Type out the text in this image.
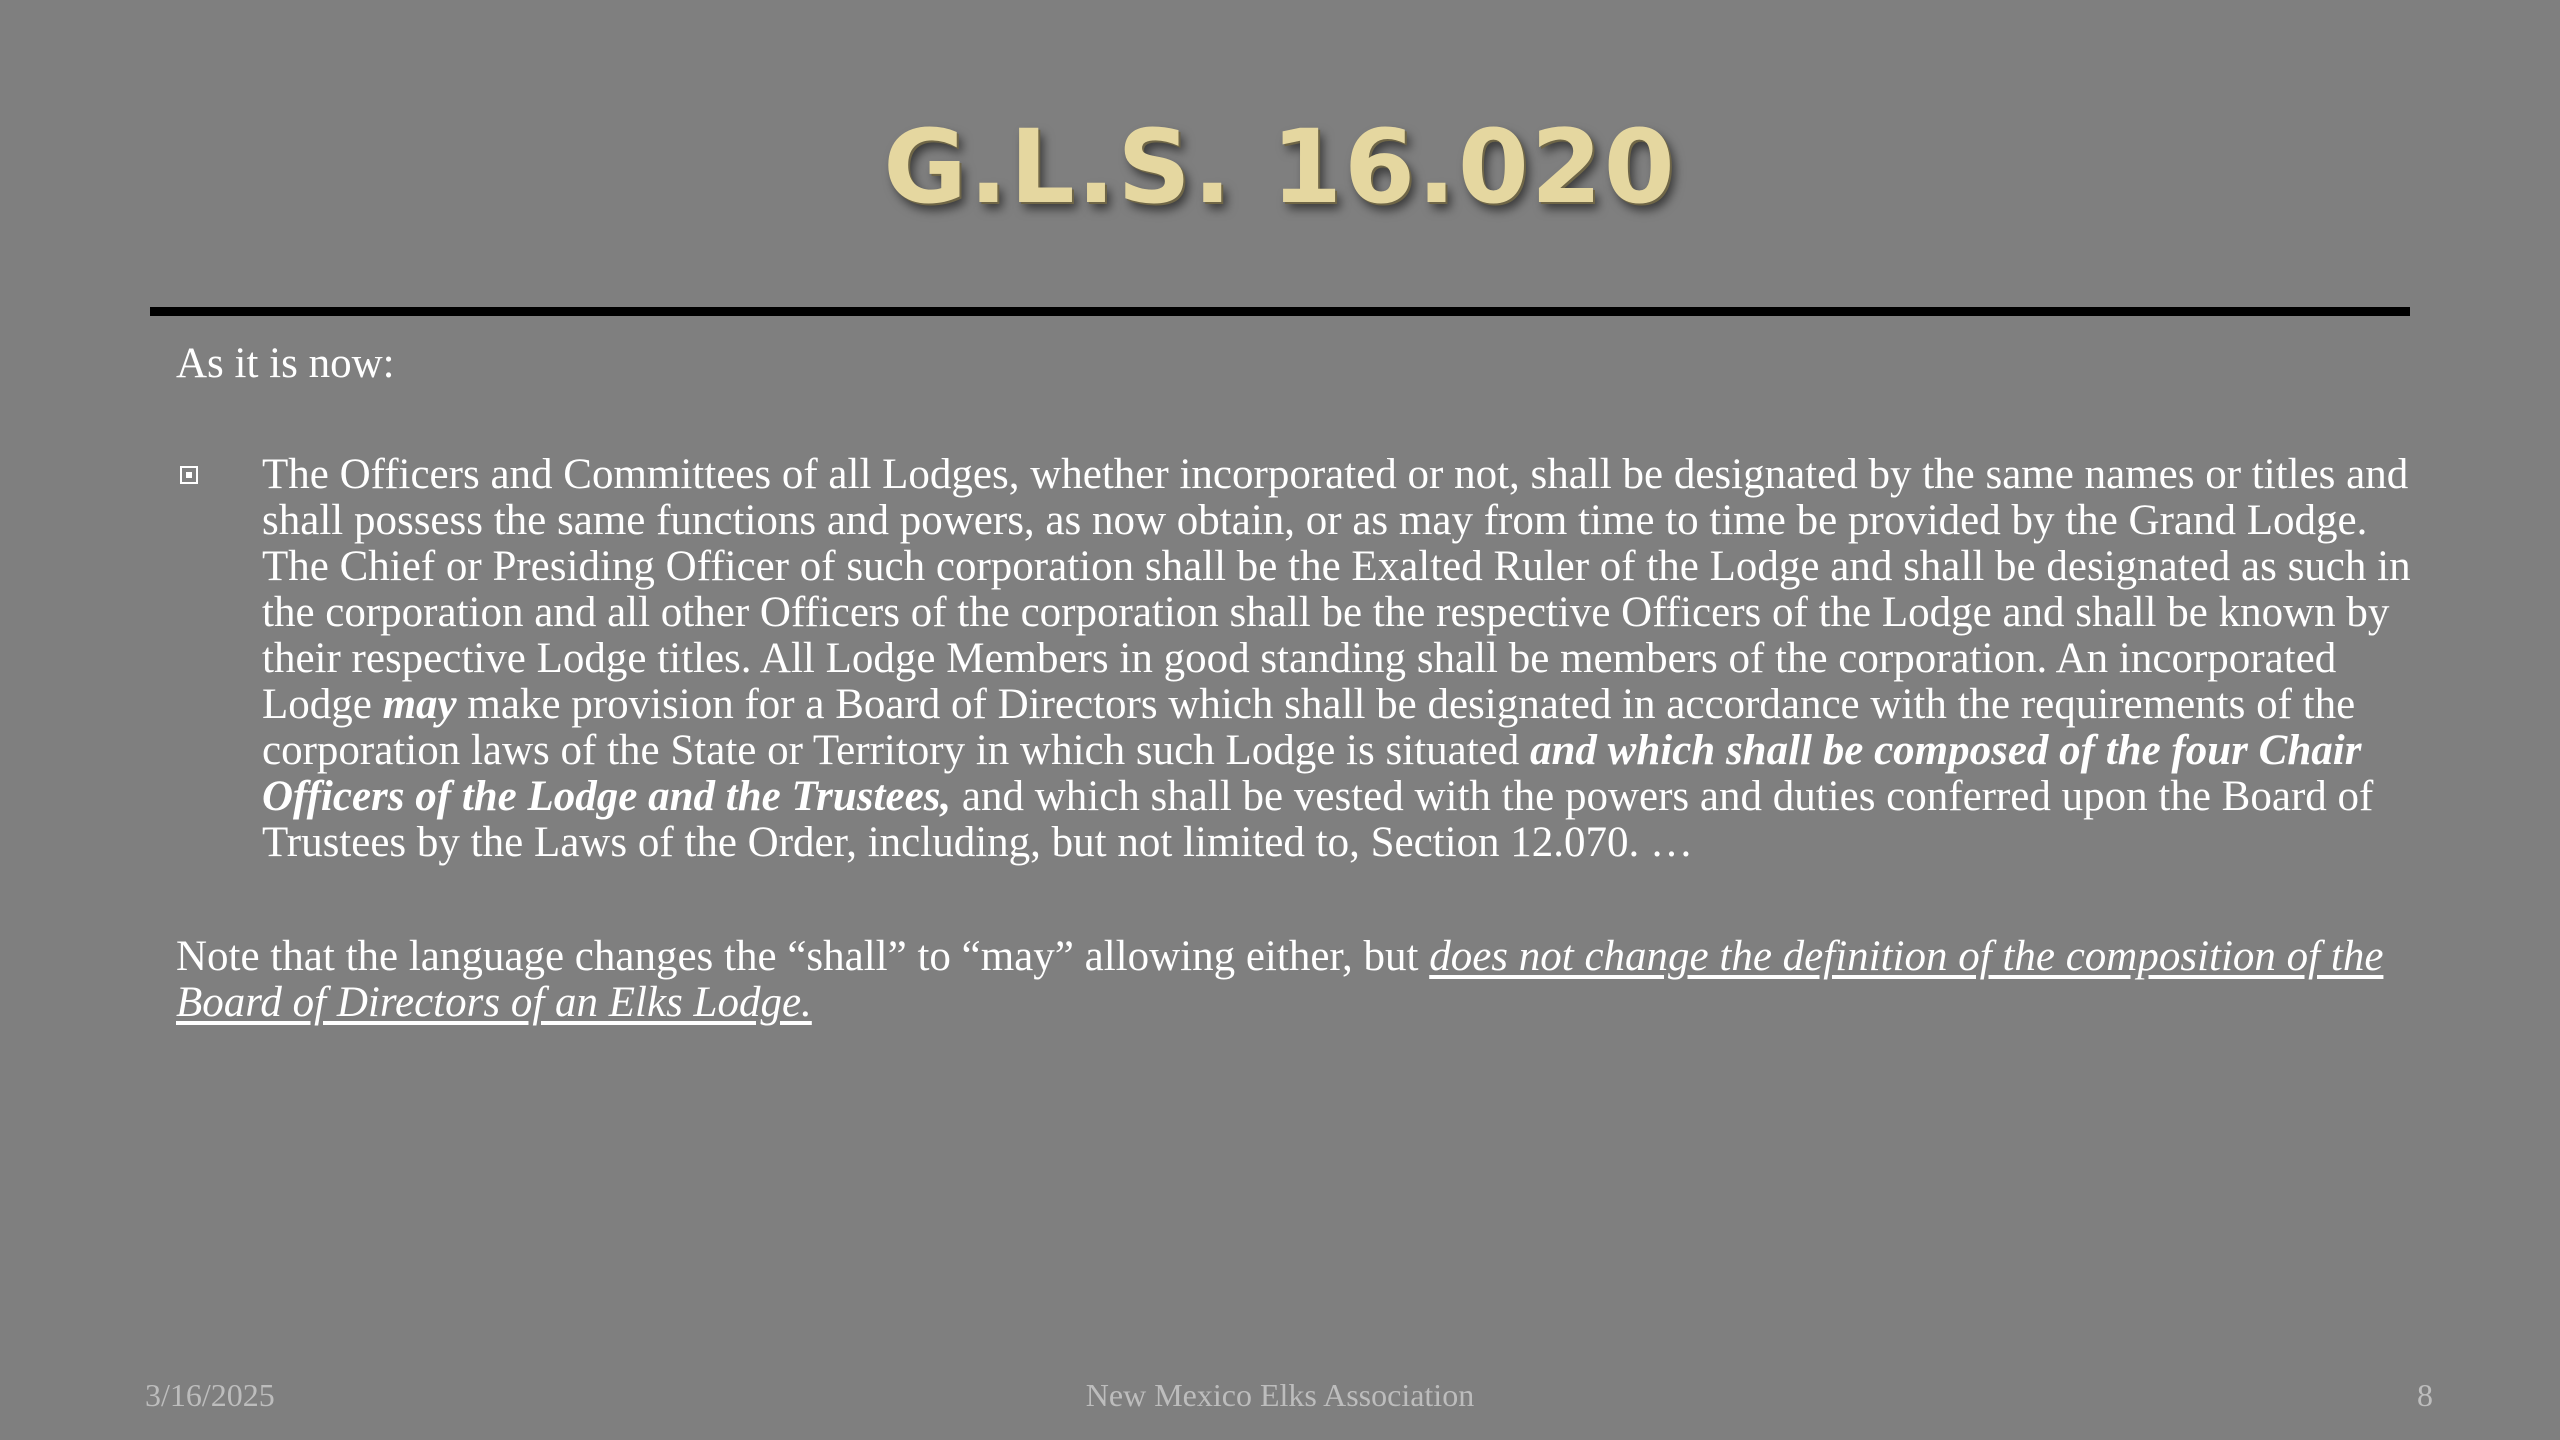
G.L.S. 16.020

As it is now:

The Officers and Committees of all Lodges, whether incorporated or not, shall be designated by the same names or titles and shall possess the same functions and powers, as now obtain, or as may from time to time be provided by the Grand Lodge. The Chief or Presiding Officer of such corporation shall be the Exalted Ruler of the Lodge and shall be designated as such in the corporation and all other Officers of the corporation shall be the respective Officers of the Lodge and shall be known by their respective Lodge titles. All Lodge Members in good standing shall be members of the corporation. An incorporated Lodge may make provision for a Board of Directors which shall be designated in accordance with the requirements of the corporation laws of the State or Territory in which such Lodge is situated and which shall be composed of the four Chair Officers of the Lodge and the Trustees, and which shall be vested with the powers and duties conferred upon the Board of Trustees by the Laws of the Order, including, but not limited to, Section 12.070. …

Note that the language changes the “shall” to “may” allowing either, but does not change the definition of the composition of the Board of Directors of an Elks Lodge.

3/16/2025	New Mexico Elks Association	8
